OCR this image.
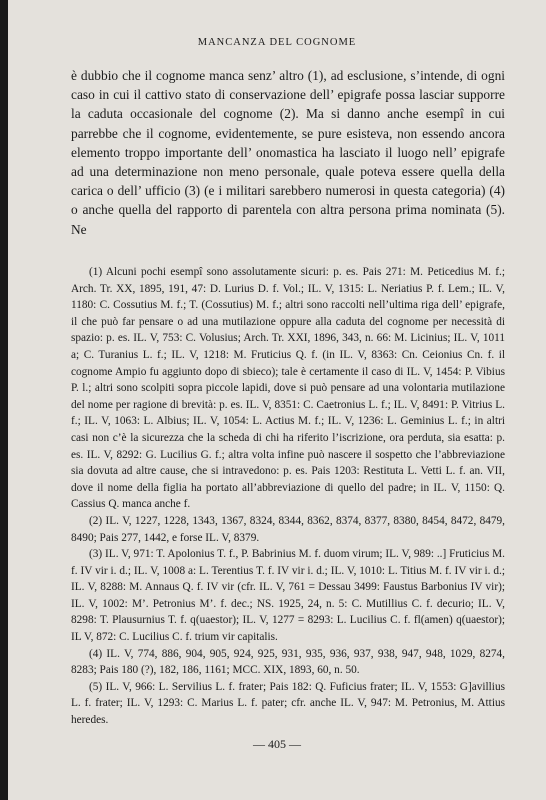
MANCANZA DEL COGNOME

è dubbio che il cognome manca senz’ altro (1), ad esclusione, s’intende, di ogni caso in cui il cattivo stato di conservazione dell’ epigrafe possa lasciar supporre la caduta occasionale del cognome (2). Ma si danno anche esempî in cui parrebbe che il cognome, evidentemente, se pure esisteva, non essendo ancora elemento troppo importante dell’ onomastica ha lasciato il luogo nell’ epigrafe ad una determinazione non meno personale, quale poteva essere quella della carica o dell’ ufficio (3) (e i militari sarebbero numerosi in questa categoria) (4) o anche quella del rapporto di parentela con altra persona prima nominata (5). Ne

(1) Alcuni pochi esempî sono assolutamente sicuri: p. es. Pais 271: M. Peticedius M. f.; Arch. Tr. XX, 1895, 191, 47: D. Lurius D. f. Vol.; IL. V, 1315: L. Neriatius P. f. Lem.; IL. V, 1180: C. Cossutius M. f.; T. (Cossutius) M. f.; altri sono raccolti nell’ultima riga dell’ epigrafe, il che può far pensare o ad una mutilazione oppure alla caduta del cognome per necessità di spazio: p. es. IL. V, 753: C. Volusius; Arch. Tr. XXI, 1896, 343, n. 66: M. Licinius; IL. V, 1011 a; C. Turanius L. f.; IL. V, 1218: M. Fruticius Q. f. (in IL. V, 8363: Cn. Ceionius Cn. f. il cognome Ampio fu aggiunto dopo di sbieco); tale è certamente il caso di IL. V, 1454: P. Vibius P. l.; altri sono scolpiti sopra piccole lapidi, dove si può pensare ad una volontaria mutilazione del nome per ragione di brevità: p. es. IL. V, 8351: C. Caetronius L. f.; IL. V, 8491: P. Vitrius L. f.; IL. V, 1063: L. Albius; IL. V, 1054: L. Actius M. f.; IL. V, 1236: L. Geminius L. f.; in altri casi non c’è la sicurezza che la scheda di chi ha riferito l’iscrizione, ora perduta, sia esatta: p. es. IL. V, 8292: G. Lucilius G. f.; altra volta infine può nascere il sospetto che l’abbreviazione sia dovuta ad altre cause, che si intravedono: p. es. Pais 1203: Restituta L. Vetti L. f. an. VII, dove il nome della figlia ha portato all’abbreviazione di quello del padre; in IL. V, 1150: Q. Cassius Q. manca anche f.

(2) IL. V, 1227, 1228, 1343, 1367, 8324, 8344, 8362, 8374, 8377, 8380, 8454, 8472, 8479, 8490; Pais 277, 1442, e forse IL. V, 8379.

(3) IL. V, 971: T. Apolonius T. f., P. Babrinius M. f. duom virum; IL. V, 989: ..] Fruticius M. f. IV vir i. d.; IL. V, 1008 a: L. Terentius T. f. IV vir i. d.; IL. V, 1010: L. Titius M. f. IV vir i. d.; IL. V, 8288: M. Annaus Q. f. IV vir (cfr. IL. V, 761 = Dessau 3499: Faustus Barbonius IV vir); IL. V, 1002: M’. Petronius M’. f. dec.; NS. 1925, 24, n. 5: C. Mutillius C. f. decurio; IL. V, 8298: T. Plausurnius T. f. q(uaestor); IL. V, 1277 = 8293: L. Lucilius C. f. fl(amen) q(uaestor); IL V, 872: C. Lucilius C. f. trium vir capitalis.

(4) IL. V, 774, 886, 904, 905, 924, 925, 931, 935, 936, 937, 938, 947, 948, 1029, 8274, 8283; Pais 180 (?), 182, 186, 1161; MCC. XIX, 1893, 60, n. 50.

(5) IL. V, 966: L. Servilius L. f. frater; Pais 182: Q. Fuficius frater; IL. V, 1553: G]avillius L. f. frater; IL. V, 1293: C. Marius L. f. pater; cfr. anche IL. V, 947: M. Petronius, M. Attius heredes.

— 405 —
